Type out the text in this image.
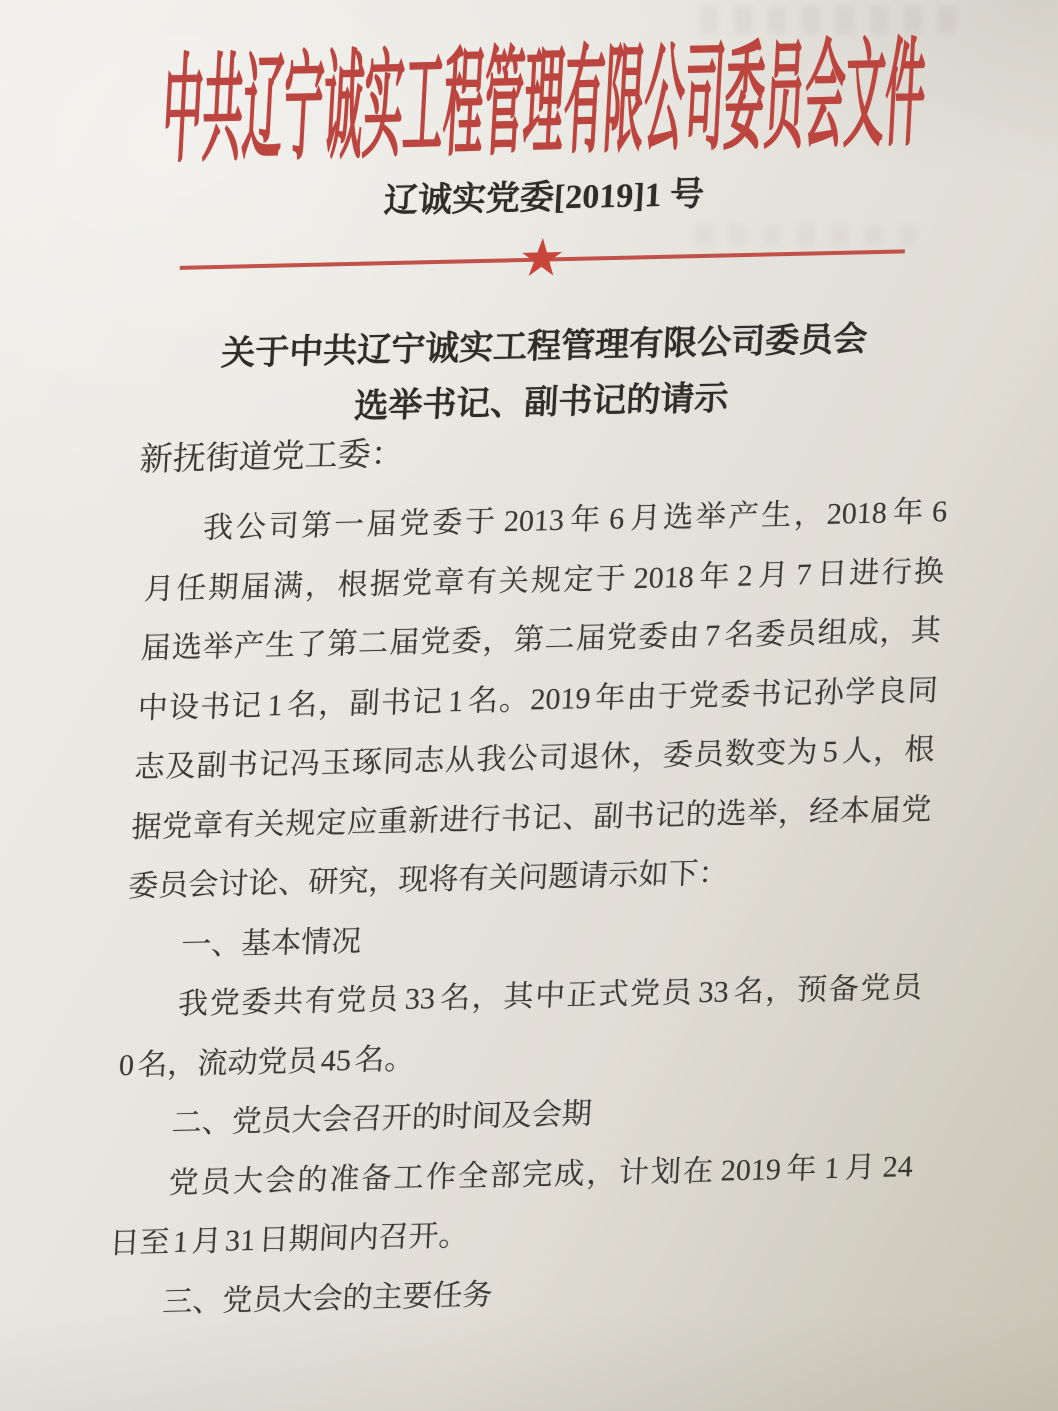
中共辽宁诚实工程管理有限公司委员会文件
辽诚实党委[2019]1 号
★
关于中共辽宁诚实工程管理有限公司委员会
选举书记、副书记的请示
新抚街道党工委：
我公司第一届党委于 2013 年 6 月选举产生，2018 年 6
月任期届满，根据党章有关规定于 2018 年 2 月 7 日进行换
届选举产生了第二届党委，第二届党委由 7 名委员组成，其
中设书记 1 名，副书记 1 名。2019 年由于党委书记孙学良同
志及副书记冯玉琢同志从我公司退休，委员数变为 5 人，根
据党章有关规定应重新进行书记、副书记的选举，经本届党
委员会讨论、研究，现将有关问题请示如下：
一、基本情况
我党委共有党员 33 名，其中正式党员 33 名，预备党员
0 名，流动党员 45 名。
二、党员大会召开的时间及会期
党员大会的准备工作全部完成，计划在 2019 年 1 月 24
日至 1 月 31 日期间内召开。
三、党员大会的主要任务
